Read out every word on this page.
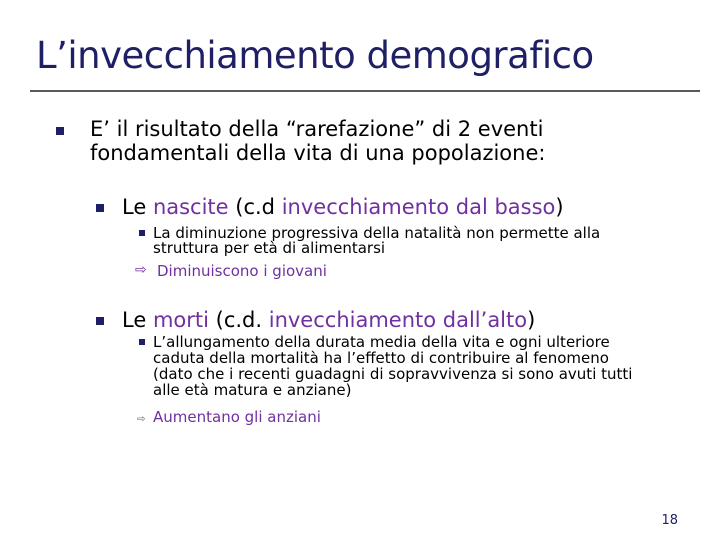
L’invecchiamento demografico
E’ il risultato della “rarefazione” di 2 eventi
fondamentali della vita di una popolazione:
Le nascite (c.d invecchiamento dal basso)
La diminuzione progressiva della natalità non permette alla
struttura per età di alimentarsi
⇨ Diminuiscono i giovani
Le morti (c.d. invecchiamento dall’alto)
L’allungamento della durata media della vita e ogni ulteriore
caduta della mortalità ha l’effetto di contribuire al fenomeno
(dato che i recenti guadagni di sopravvivenza si sono avuti tutti
alle età matura e anziane)
⇨ Aumentano gli anziani
18
